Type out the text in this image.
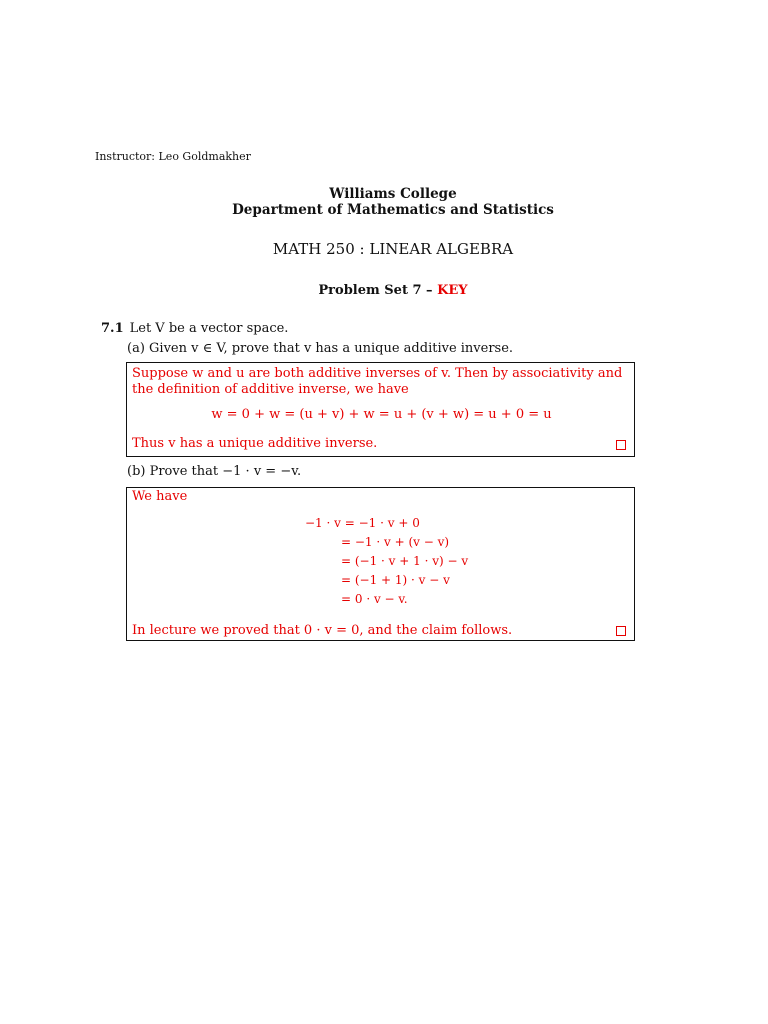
Instructor: Leo Goldmakher
Williams College
Department of Mathematics and Statistics
MATH 250 : LINEAR ALGEBRA
Problem Set 7 – KEY
7.1 Let V be a vector space.
(a) Given v ∈ V, prove that v has a unique additive inverse.

Suppose w and u are both additive inverses of v. Then by associativity and the definition of additive inverse, we have

w = 0 + w = (u + v) + w = u + (v + w) = u + 0 = u

Thus v has a unique additive inverse.

(b) Prove that −1 · v = −v.

We have

−1 · v = −1 · v + 0
= −1 · v + (v − v)
= (−1 · v + 1 · v) − v
= (−1 + 1) · v − v
= 0 · v − v.

In lecture we proved that 0 · v = 0, and the claim follows.
